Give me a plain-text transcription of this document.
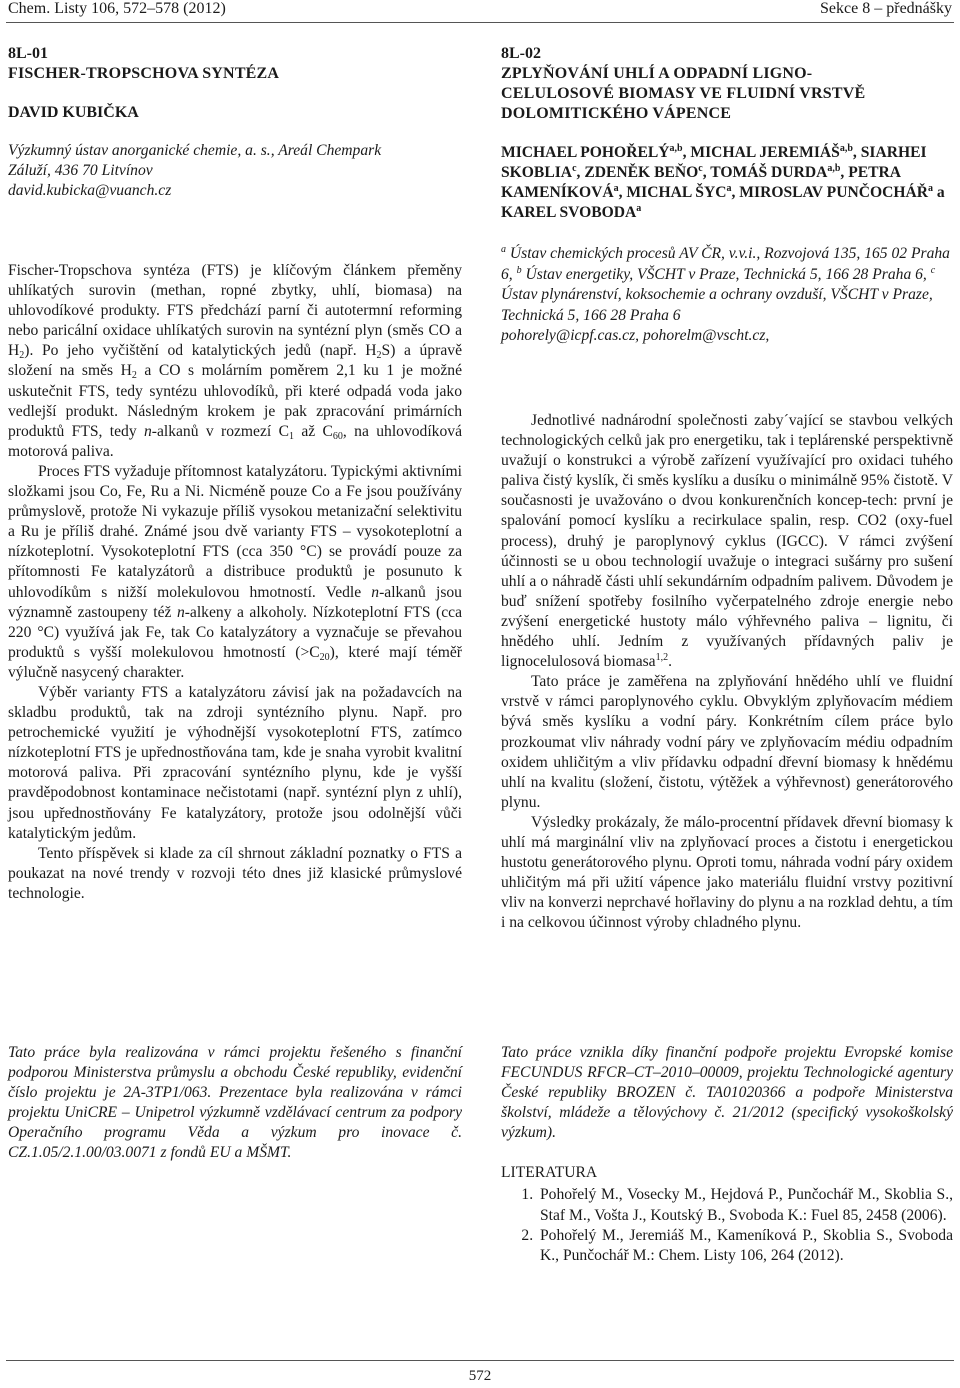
Chem. Listy 106, 572–578 (2012)	Sekce 8 – přednášky
8L-01
FISCHER-TROPSCHOVA SYNTÉZA
DAVID KUBIČKA
Výzkumný ústav anorganické chemie, a. s., Areál Chempark
Záluží, 436 70 Litvínov
david.kubicka@vuanch.cz

Fischer-Tropschova syntéza (FTS) je klíčovým článkem přeměny uhlíkatých surovin (methan, ropné zbytky, uhlí, biomasa) na uhlovodíkové produkty. FTS předchází parní či autotermní reforming nebo paricální oxidace uhlíkatých surovin na syntézní plyn (směs CO a $H_2$). Po jeho vyčištění od katalytických jedů (např. $H_2S$) a úpravě složení na směs $H_2$ a CO s molárním poměrem 2,1 ku 1 je možné uskutečnit FTS, tedy syntézu uhlovodíků, při které odpadá voda jako vedlejší produkt. Následným krokem je pak zpracování primárních produktů FTS, tedy n-alkanů v rozmezí $C_1$ až $C_{60}$, na uhlovodíková motorová paliva.

Proces FTS vyžaduje přítomnost katalyzátoru. Typickými aktivními složkami jsou Co, Fe, Ru a Ni. Nicméně pouze Co a Fe jsou používány průmyslově, protože Ni vykazuje příliš vysokou metanizační selektivitu a Ru je příliš drahé. Známé jsou dvě varianty FTS – vysokoteplotní a nízkoteplotní. Vysokoteplotní FTS (cca 350 °C) se provádí pouze za přítomnosti Fe katalyzátorů a distribuce produktů je posunuto k uhlovodíkům s nižší molekulovou hmotností. Vedle n-alkanů jsou významně zastoupeny též n-alkeny a alkoholy. Nízkoteplotní FTS (cca 220 °C) využívá jak Fe, tak Co katalyzátory a vyznačuje se převahou produktů s vyšší molekulovou hmotností $(>C_{20})$, které mají téměř výlučně nasycený charakter.

Výběr varianty FTS a katalyzátoru závisí jak na požadavcích na skladbu produktů, tak na zdroji syntézního plynu. Např. pro petrochemické využití je výhodnější vysokoteplotní FTS, zatímco nízkoteplotní FTS je upřednostňována tam, kde je snaha vyrobit kvalitní motorová paliva. Při zpracování syntézního plynu, kde je vyšší pravděpodobnost kontaminace nečistotami (např. syntézní plyn z uhlí), jsou upřednostňovány Fe katalyzátory, protože jsou odolnější vůči katalytickým jedům.

Tento příspěvek si klade za cíl shrnout základní poznatky o FTS a poukazat na nové trendy v rozvoji této dnes již klasické průmyslové technologie.

Tato práce byla realizována v rámci projektu řešeného s finanční podporou Ministerstva průmyslu a obchodu České republiky, evidenční číslo projektu je 2A-3TP1/063. Prezentace byla realizována v rámci projektu UniCRE – Unipetrol výzkumně vzdělávací centrum za podpory Operačního programu Věda a výzkum pro inovace č. CZ.1.05/2.1.00/03.0071 z fondů EU a MŠMT.
8L-02
ZPLYŇOVÁNÍ UHLÍ A ODPADNÍ LIGNO-
CELULOSOVÉ BIOMASY VE FLUIDNÍ VRSTVĚ
DOLOMITICKÉHO VÁPENCE
MICHAEL POHOŘELÝ$^{a,b}$, MICHAL JEREMIÁŠ$^{a,b}$, SIARHEI SKOBLIA$^c$, ZDENĚK BEŇO$^c$, TOMÁŠ DURDA$^{a,b}$, PETRA KAMENÍKOVÁ$^a$, MICHAL ŠYC$^a$, MIROSLAV PUNČOCHÁŘ$^a$ a KAREL SVOBODA$^a$
$^a$ Ústav chemických procesů AV ČR, v.v.i., Rozvojová 135, 165 02 Praha 6, $^b$ Ústav energetiky, VŠCHT v Praze, Technická 5, 166 28 Praha 6, $^c$ Ústav plynárenství, koksochemie a ochrany ovzduší, VŠCHT v Praze, Technická 5, 166 28 Praha 6
pohorely@icpf.cas.cz, pohorelm@vscht.cz,

Jednotlivé nadnárodní společnosti zaby´vající se stavbou velkých technologických celků jak pro energetiku, tak i teplárenské perspektivně uvažují o konstrukci a výrobě zařízení využívající pro oxidaci tuhého paliva čistý kyslík, či směs kyslíku a dusíku o minimálně 95% čistotě. V současnosti je uvažováno o dvou konkurenčních koncep-tech: první je spalování pomocí kyslíku a recirkulace spalin, resp. CO2 (oxy-fuel process), druhý je paroplynový cyklus (IGCC). V rámci zvýšení účinnosti se u obou technologií uvažuje o integraci sušárny pro sušení uhlí a o náhradě části uhlí sekundárním odpadním palivem. Důvodem je buď snížení spotřeby fosilního vyčerpatelného zdroje energie nebo zvýšení energetické hustoty málo výhřevného paliva – lignitu, či hnědého uhlí. Jedním z využívaných přídavných paliv je lignocelulosová biomasa$^{1,2}$.

Tato práce je zaměřena na zplyňování hnědého uhlí ve fluidní vrstvě v rámci paroplynového cyklu. Obvyklým zplyňovacím médiem bývá směs kyslíku a vodní páry. Konkrétním cílem práce bylo prozkoumat vliv náhrady vodní páry ve zplyňovacím médiu odpadním oxidem uhličitým a vliv přídavku odpadní dřevní biomasy k hnědému uhlí na kvalitu (složení, čistotu, výtěžek a výhřevnost) generátorového plynu.

Výsledky prokázaly, že málo-procentní přídavek dřevní biomasy k uhlí má marginální vliv na zplyňovací proces a čistotu i energetickou hustotu generátorového plynu. Oproti tomu, náhrada vodní páry oxidem uhličitým má při užití vápence jako materiálu fluidní vrstvy pozitivní vliv na konverzi neprchavé hořlaviny do plynu a na rozklad dehtu, a tím i na celkovou účinnost výroby chladného plynu.

Tato práce vznikla díky finanční podpoře projektu Evropské komise FECUNDUS RFCR–CT–2010–00009, projektu Technologické agentury České republiky BROZEN č. TA01020366 a podpoře Ministerstva školství, mládeže a tělovýchovy č. 21/2012 (specifický vysokoškolský výzkum).
LITERATURA
1. Pohořelý M., Vosecky M., Hejdová P., Punčochář M., Skoblia S., Staf M., Vošta J., Koutský B., Svoboda K.: Fuel 85, 2458 (2006).
2. Pohořelý M., Jeremiáš M., Kameníková P., Skoblia S., Svoboda K., Punčochář M.: Chem. Listy 106, 264 (2012).
572
